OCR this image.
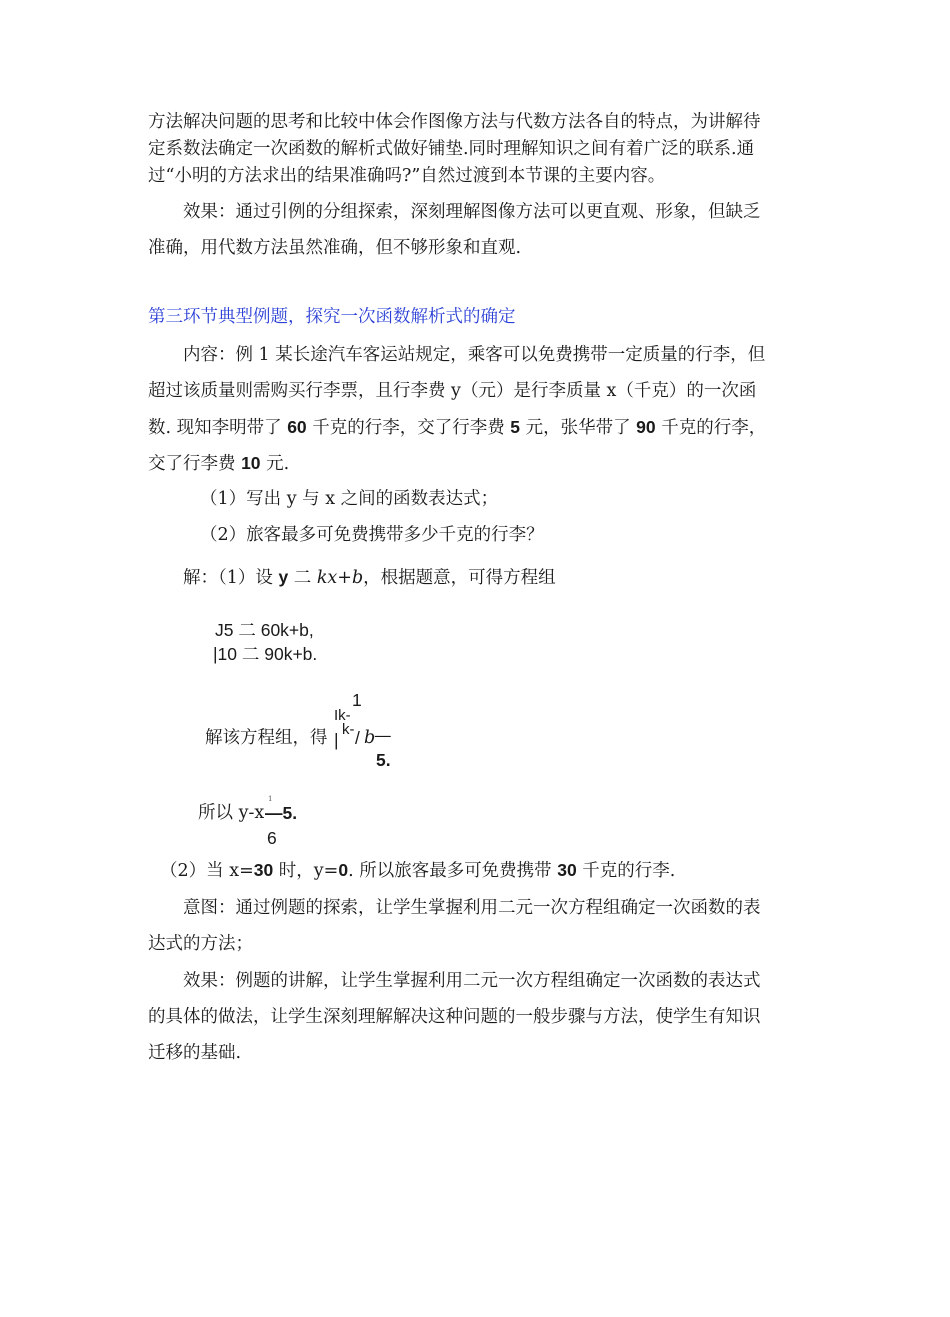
方法解决问题的思考和比较中体会作图像方法与代数方法各自的特点，为讲解待
定系数法确定一次函数的解析式做好铺垫.同时理解知识之间有着广泛的联系.通
过“小明的方法求出的结果准确吗?”自然过渡到本节课的主要内容。
效果：通过引例的分组探索，深刻理解图像方法可以更直观、形象，但缺乏
准确，用代数方法虽然准确，但不够形象和直观.
第三环节典型例题，探究一次函数解析式的确定
内容：例 1 某长途汽车客运站规定，乘客可以免费携带一定质量的行李，但
超过该质量则需购买行李票，且行李费 y（元）是行李质量 x（千克）的一次函
数. 现知李明带了 60 千克的行李，交了行李费 5 元，张华带了 90 千克的行李，
交了行李费 10 元.
（1）写出 y 与 x 之间的函数表达式；
（2）旅客最多可免费携带多少千克的行李？
解：（1）设 y 二 kx+b，根据题意，可得方程组
J5 二 60k+b,
|10 二 90k+b.
1
Ik-
解该方程组，得 |
k- / b
—
5.
1
所以 y-x —5.
6
（2）当 x=30 时，y=0. 所以旅客最多可免费携带 30 千克的行李.
意图：通过例题的探索，让学生掌握利用二元一次方程组确定一次函数的表
达式的方法；
效果：例题的讲解，让学生掌握利用二元一次方程组确定一次函数的表达式
的具体的做法，让学生深刻理解解决这种问题的一般步骤与方法，使学生有知识
迁移的基础.
